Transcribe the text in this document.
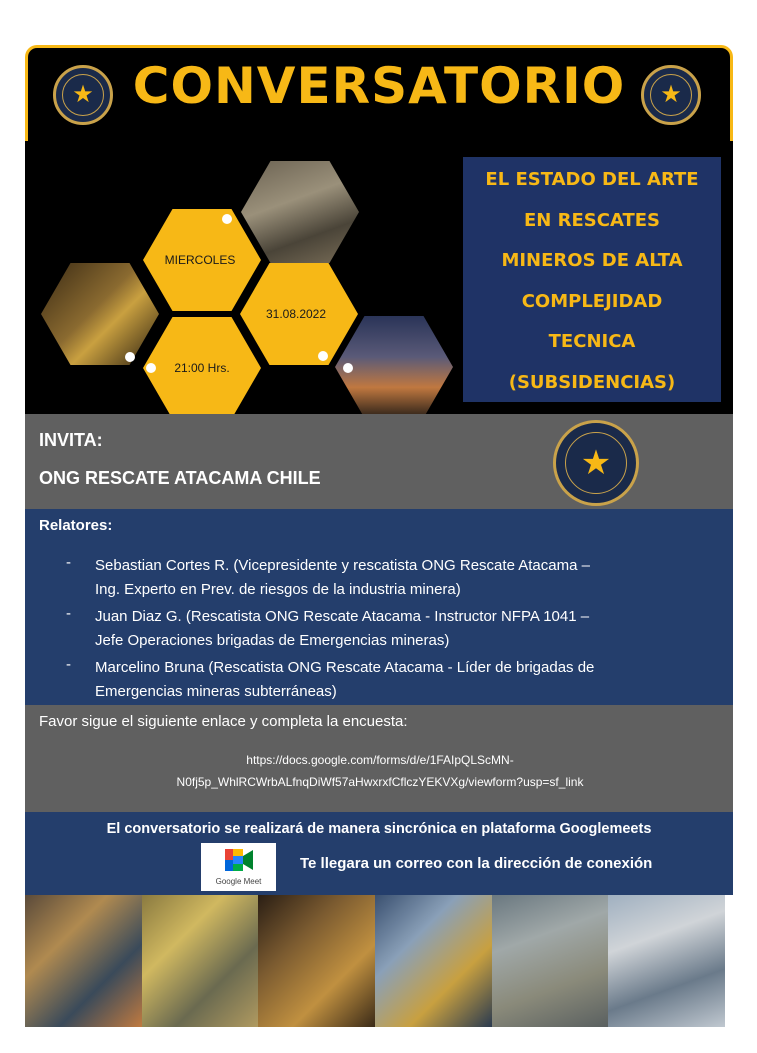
★	★
CONVERSATORIO
MIERCOLES
31.08.2022
21:00 Hrs.
EL ESTADO DEL ARTE
EN RESCATES
MINEROS DE ALTA
COMPLEJIDAD
TECNICA
(SUBSIDENCIAS)
INVITA:
ONG RESCATE ATACAMA CHILE	★
Relatores:
- Sebastian Cortes R. (Vicepresidente y rescatista ONG Rescate Atacama –
Ing. Experto en Prev. de riesgos de la industria minera)
- Juan Diaz G. (Rescatista ONG Rescate Atacama - Instructor NFPA 1041 –
Jefe Operaciones brigadas de Emergencias mineras)
- Marcelino Bruna (Rescatista ONG Rescate Atacama - Líder de brigadas de
Emergencias mineras subterráneas)
Favor sigue el siguiente enlace y completa la encuesta:
https://docs.google.com/forms/d/e/1FAIpQLScMN-
N0fj5p_WhlRCWrbALfnqDiWf57aHwxrxfCflczYEKVXg/viewform?usp=sf_link
El conversatorio se realizará de manera sincrónica en plataforma Googlemeets
Google Meet
Te llegara un correo con la dirección de conexión
